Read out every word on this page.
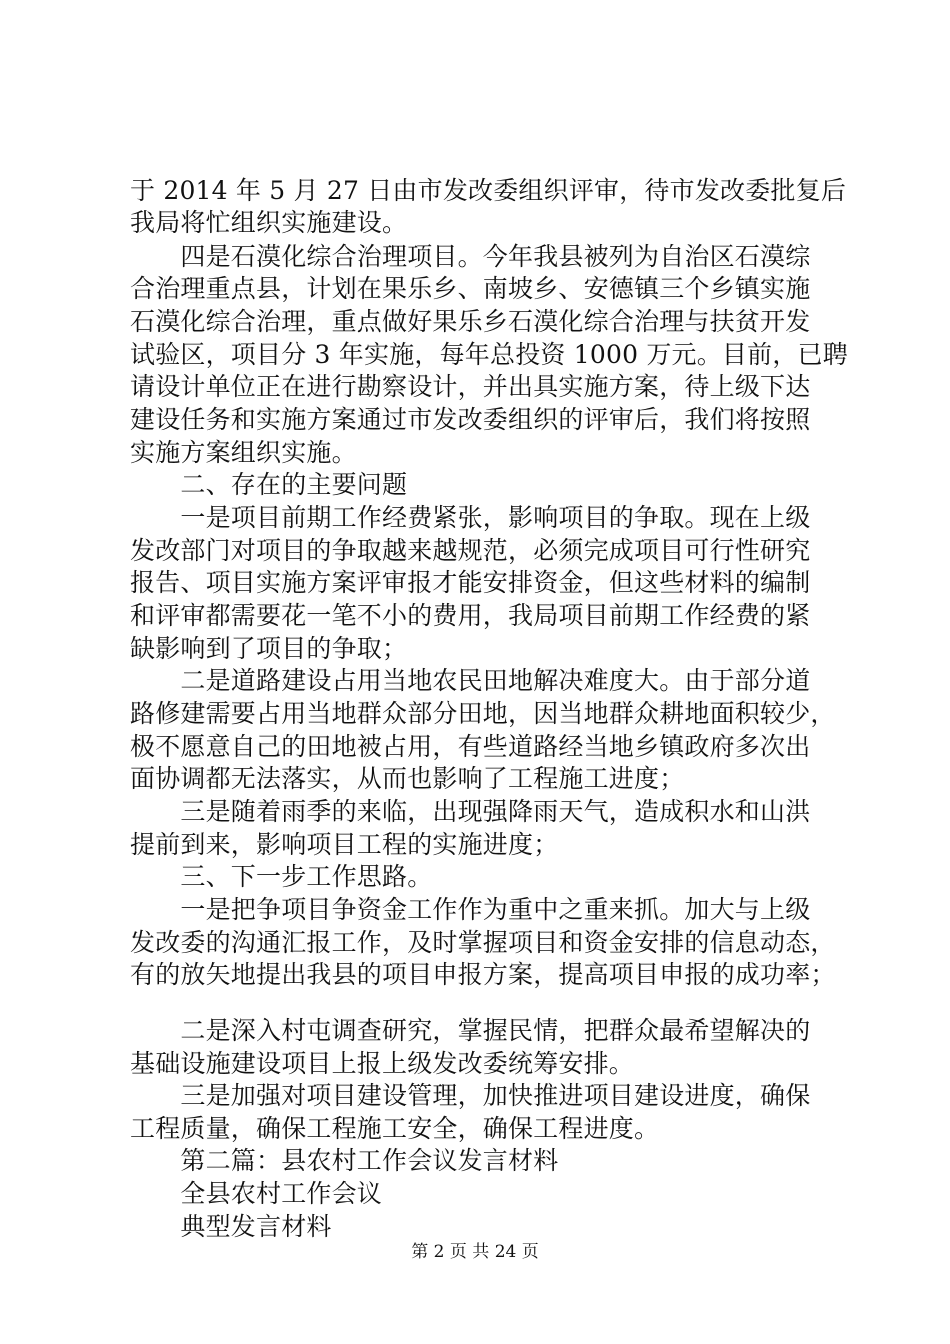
于 2014 年 5 月 27 日由市发改委组织评审，待市发改委批复后
我局将忙组织实施建设。
　　四是石漠化综合治理项目。今年我县被列为自治区石漠综
合治理重点县，计划在果乐乡、南坡乡、安德镇三个乡镇实施
石漠化综合治理，重点做好果乐乡石漠化综合治理与扶贫开发
试验区，项目分 3 年实施，每年总投资 1000 万元。目前，已聘
请设计单位正在进行勘察设计，并出具实施方案，待上级下达
建设任务和实施方案通过市发改委组织的评审后，我们将按照
实施方案组织实施。
　　二、存在的主要问题
　　一是项目前期工作经费紧张，影响项目的争取。现在上级
发改部门对项目的争取越来越规范，必须完成项目可行性研究
报告、项目实施方案评审报才能安排资金，但这些材料的编制
和评审都需要花一笔不小的费用，我局项目前期工作经费的紧
缺影响到了项目的争取；
　　二是道路建设占用当地农民田地解决难度大。由于部分道
路修建需要占用当地群众部分田地，因当地群众耕地面积较少，
极不愿意自己的田地被占用，有些道路经当地乡镇政府多次出
面协调都无法落实，从而也影响了工程施工进度；
　　三是随着雨季的来临，出现强降雨天气，造成积水和山洪
提前到来，影响项目工程的实施进度；
　　三、下一步工作思路。
　　一是把争项目争资金工作作为重中之重来抓。加大与上级
发改委的沟通汇报工作，及时掌握项目和资金安排的信息动态，
有的放矢地提出我县的项目申报方案，提高项目申报的成功率；
　　二是深入村屯调查研究，掌握民情，把群众最希望解决的
基础设施建设项目上报上级发改委统筹安排。
　　三是加强对项目建设管理，加快推进项目建设进度，确保
工程质量，确保工程施工安全，确保工程进度。
　　第二篇：县农村工作会议发言材料
　　全县农村工作会议
　　典型发言材料
第 2 页 共 24 页
